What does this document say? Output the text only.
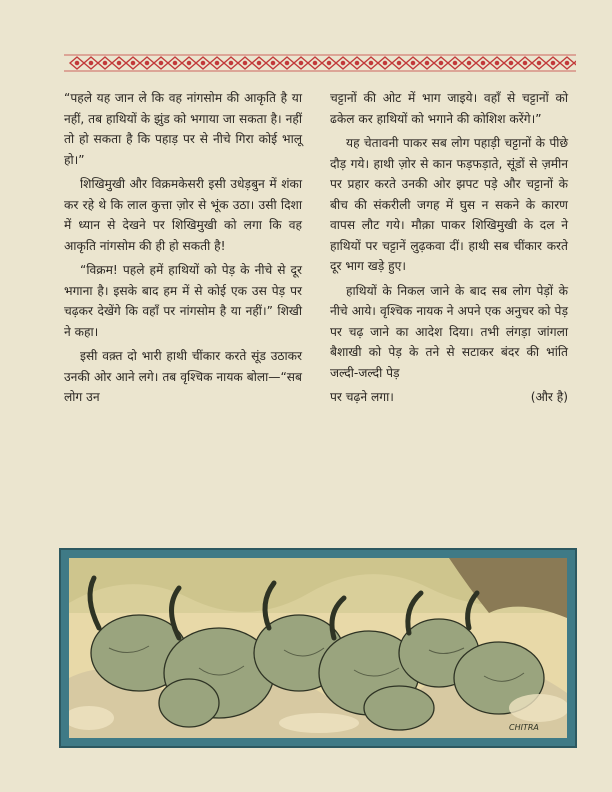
“पहले यह जान ले कि वह नांगसोम की आकृति है या नहीं, तब हाथियों के झुंड को भगाया जा सकता है। नहीं तो हो सकता है कि पहाड़ पर से नीचे गिरा कोई भालू हो।”

शिखिमुखी और विक्रमकेसरी इसी उधेड़बुन में शंका कर रहे थे कि लाल कुत्ता ज़ोर से भूंक उठा। उसी दिशा में ध्यान से देखने पर शिखिमुखी को लगा कि वह आकृति नांगसोम की ही हो सकती है!

“विक्रम! पहले हमें हाथियों को पेड़ के नीचे से दूर भगाना है। इसके बाद हम में से कोई एक उस पेड़ पर चढ़कर देखेंगे कि वहाँ पर नांगसोम है या नहीं।” शिखी ने कहा।

इसी वक़्त दो भारी हाथी चींकार करते सूंड उठाकर उनकी ओर आने लगे। तब वृश्चिक नायक बोला—“सब लोग उन

चट्टानों की ओट में भाग जाइये। वहाँ से चट्टानों को ढकेल कर हाथियों को भगाने की कोशिश करेंगे।”

यह चेतावनी पाकर सब लोग पहाड़ी चट्टानों के पीछे दौड़ गये। हाथी ज़ोर से कान फड़फड़ाते, सूंडों से ज़मीन पर प्रहार करते उनकी ओर झपट पड़े और चट्टानों के बीच की संकरीली जगह में घुस न सकने के कारण वापस लौट गये। मौक़ा पाकर शिखिमुखी के दल ने हाथियों पर चट्टानें लुढ़कवा दीं। हाथी सब चींकार करते दूर भाग खड़े हुए।

हाथियों के निकल जाने के बाद सब लोग पेड़ों के नीचे आये। वृश्चिक नायक ने अपने एक अनुचर को पेड़ पर चढ़ जाने का आदेश दिया। तभी लंगड़ा जांगला बैशाखी को पेड़ के तने से सटाकर बंदर की भांति जल्दी-जल्दी पेड़

पर चढ़ने लगा।	(और है)
CHITRA
